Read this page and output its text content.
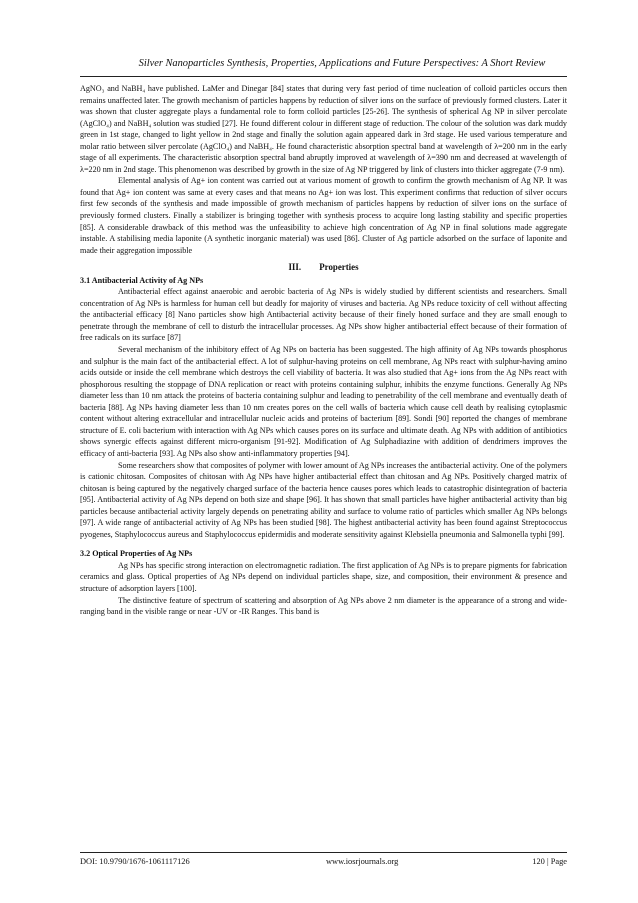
Silver Nanoparticles Synthesis, Properties, Applications and Future Perspectives: A Short Review

AgNO₃ and NaBH₄ have published. LaMer and Dinegar [84] states that during very fast period of time nucleation of colloid particles occurs then remains unaffected later. The growth mechanism of particles happens by reduction of silver ions on the surface of previously formed clusters. Later it was shown that cluster aggregate plays a fundamental role to form colloid particles [25-26]. The synthesis of spherical Ag NP in silver percolate (AgClO₄) and NaBH₄ solution was studied [27]. He found different colour in different stage of reduction. The colour of the solution was dark muddy green in 1st stage, changed to light yellow in 2nd stage and finally the solution again appeared dark in 3rd stage. He used various temperature and molar ratio between silver percolate (AgClO₄) and NaBH₄. He found characteristic absorption spectral band at wavelength of λ=200 nm in the early stage of all experiments. The characteristic absorption spectral band abruptly improved at wavelength of λ=390 nm and decreased at wavelength of λ=220 nm in 2nd stage. This phenomenon was described by growth in the size of Ag NP triggered by link of clusters into thicker aggregate (7-9 nm).

Elemental analysis of Ag+ ion content was carried out at various moment of growth to confirm the growth mechanism of Ag NP. It was found that Ag+ ion content was same at every cases and that means no Ag+ ion was lost. This experiment confirms that reduction of silver occurs first few seconds of the synthesis and made impossible of growth mechanism of particles happens by reduction of silver ions on the surface of previously formed clusters. Finally a stabilizer is bringing together with synthesis process to acquire long lasting stability and specific properties [85]. A considerable drawback of this method was the unfeasibility to achieve high concentration of Ag NP in final solutions made aggregate instable. A stabilising media laponite (A synthetic inorganic material) was used [86]. Cluster of Ag particle adsorbed on the surface of laponite and made their aggregation impossible

III. Properties

3.1 Antibacterial Activity of Ag NPs

Antibacterial effect against anaerobic and aerobic bacteria of Ag NPs is widely studied by different scientists and researchers. Small concentration of Ag NPs is harmless for human cell but deadly for majority of viruses and bacteria. Ag NPs reduce toxicity of cell without affecting the antibacterial efficacy [8] Nano particles show high Antibacterial activity because of their finely honed surface and they are small enough to penetrate through the membrane of cell to disturb the intracellular processes. Ag NPs show higher antibacterial effect because of their formation of free radicals on its surface [87]

Several mechanism of the inhibitory effect of Ag NPs on bacteria has been suggested. The high affinity of Ag NPs towards phosphorus and sulphur is the main fact of the antibacterial effect. A lot of sulphur-having proteins on cell membrane, Ag NPs react with sulphur-having amino acids outside or inside the cell membrane which destroys the cell viability of bacteria. It was also studied that Ag+ ions from the Ag NPs react with phosphorous resulting the stoppage of DNA replication or react with proteins containing sulphur, inhibits the enzyme functions. Generally Ag NPs diameter less than 10 nm attack the proteins of bacteria containing sulphur and leading to penetrability of the cell membrane and eventually death of bacteria [88]. Ag NPs having diameter less than 10 nm creates pores on the cell walls of bacteria which cause cell death by realising cytoplasmic content without altering extracellular and intracellular nucleic acids and proteins of bacterium [89]. Sondi [90] reported the changes of membrane structure of E. coli bacterium with interaction with Ag NPs which causes pores on its surface and ultimate death. Ag NPs with addition of antibiotics shows synergic effects against different micro-organism [91-92]. Modification of Ag Sulphadiazine with addition of dendrimers improves the efficacy of anti-bacteria [93]. Ag NPs also show anti-inflammatory properties [94].

Some researchers show that composites of polymer with lower amount of Ag NPs increases the antibacterial activity. One of the polymers is cationic chitosan. Composites of chitosan with Ag NPs have higher antibacterial effect than chitosan and Ag NPs. Positively charged matrix of chitosan is being captured by the negatively charged surface of the bacteria hence causes pores which leads to catastrophic disintegration of bacteria [95]. Antibacterial activity of Ag NPs depend on both size and shape [96]. It has shown that small particles have higher antibacterial activity than big particles because antibacterial activity largely depends on penetrating ability and surface to volume ratio of particles which smaller Ag NPs belongs [97]. A wide range of antibacterial activity of Ag NPs has been studied [98]. The highest antibacterial activity has been found against Streptococcus pyogenes, Staphylococcus aureus and Staphylococcus epidermidis and moderate sensitivity against Klebsiella pneumonia and Salmonella typhi [99].

3.2 Optical Properties of Ag NPs

Ag NPs has specific strong interaction on electromagnetic radiation. The first application of Ag NPs is to prepare pigments for fabrication ceramics and glass. Optical properties of Ag NPs depend on individual particles shape, size, and composition, their environment & presence and structure of adsorption layers [100].

The distinctive feature of spectrum of scattering and absorption of Ag NPs above 2 nm diameter is the appearance of a strong and wide-ranging band in the visible range or near -UV or -IR Ranges. This band is

DOI: 10.9790/1676-1061117126	www.iosrjournals.org	120 | Page
